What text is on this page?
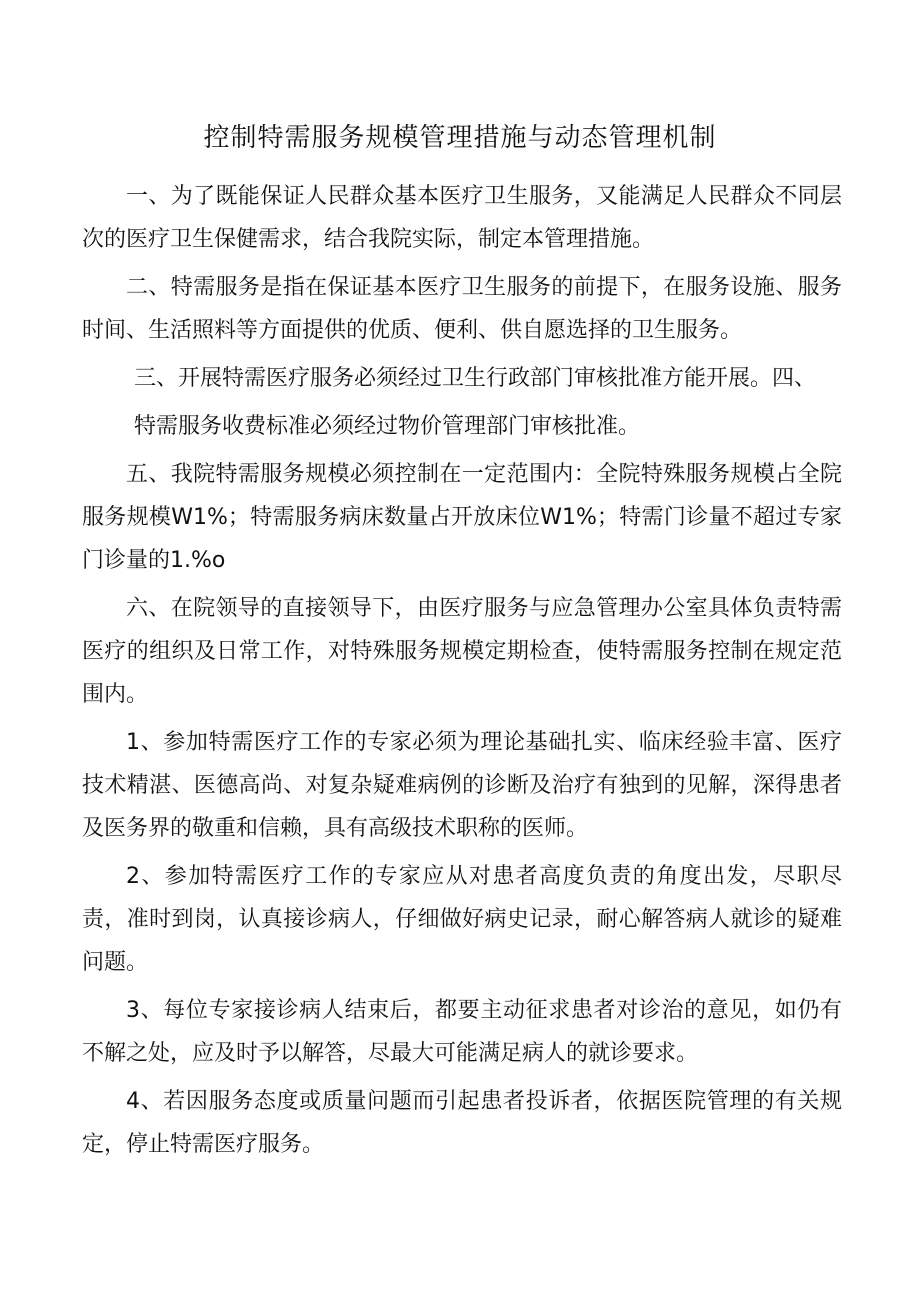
控制特需服务规模管理措施与动态管理机制

一、为了既能保证人民群众基本医疗卫生服务，又能满足人民群众不同层次的医疗卫生保健需求，结合我院实际，制定本管理措施。

二、特需服务是指在保证基本医疗卫生服务的前提下，在服务设施、服务时间、生活照料等方面提供的优质、便利、供自愿选择的卫生服务。

三、开展特需医疗服务必须经过卫生行政部门审核批准方能开展。四、

特需服务收费标准必须经过物价管理部门审核批准。

五、我院特需服务规模必须控制在一定范围内：全院特殊服务规模占全院服务规模W1%；特需服务病床数量占开放床位W1%；特需门诊量不超过专家门诊量的1.%o

六、在院领导的直接领导下，由医疗服务与应急管理办公室具体负责特需医疗的组织及日常工作，对特殊服务规模定期检查，使特需服务控制在规定范围内。

1、参加特需医疗工作的专家必须为理论基础扎实、临床经验丰富、医疗技术精湛、医德高尚、对复杂疑难病例的诊断及治疗有独到的见解，深得患者及医务界的敬重和信赖，具有高级技术职称的医师。

2、参加特需医疗工作的专家应从对患者高度负责的角度出发，尽职尽责，准时到岗，认真接诊病人，仔细做好病史记录，耐心解答病人就诊的疑难问题。

3、每位专家接诊病人结束后，都要主动征求患者对诊治的意见，如仍有不解之处，应及时予以解答，尽最大可能满足病人的就诊要求。

4、若因服务态度或质量问题而引起患者投诉者，依据医院管理的有关规定，停止特需医疗服务。
